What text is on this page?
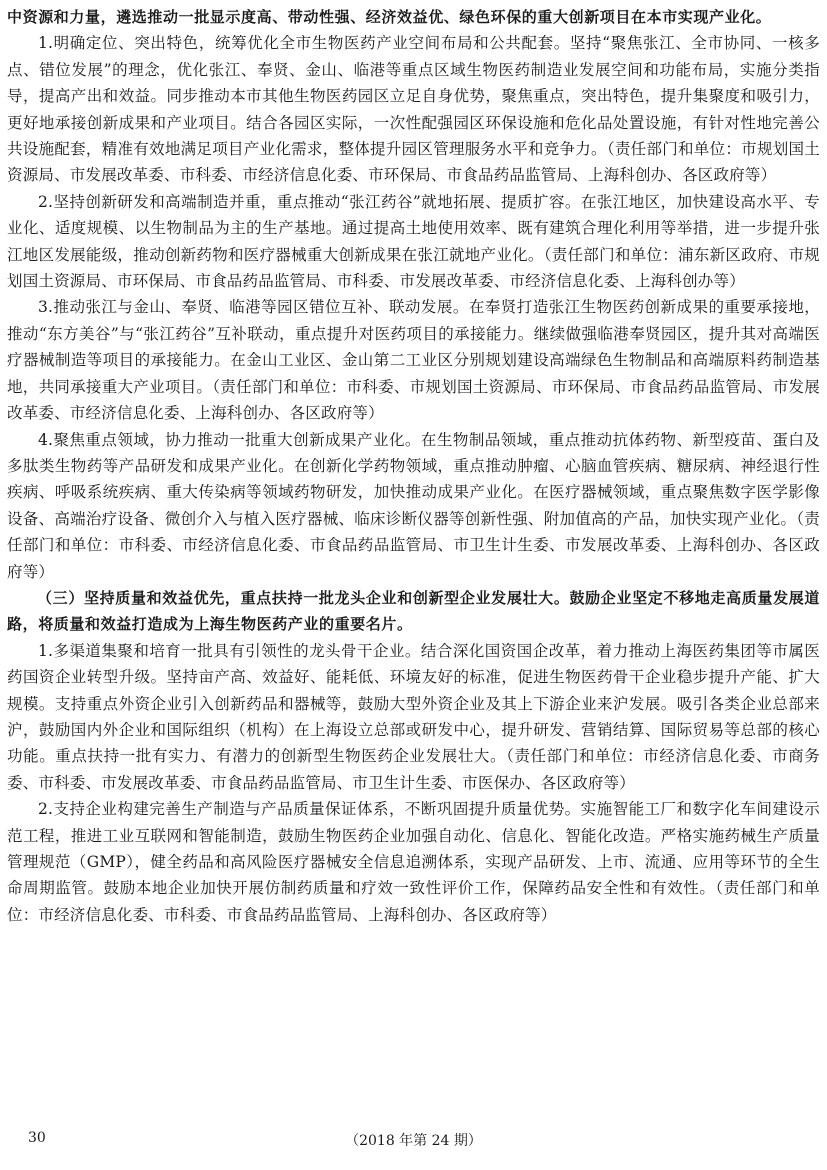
中资源和力量，遴选推动一批显示度高、带动性强、经济效益优、绿色环保的重大创新项目在本市实现产业化。

1.明确定位、突出特色，统筹优化全市生物医药产业空间布局和公共配套。坚持“聚焦张江、全市协同、一核多点、错位发展”的理念，优化张江、奉贤、金山、临港等重点区域生物医药制造业发展空间和功能布局，实施分类指导，提高产出和效益。同步推动本市其他生物医药园区立足自身优势，聚焦重点，突出特色，提升集聚度和吸引力，更好地承接创新成果和产业项目。结合各园区实际，一次性配强园区环保设施和危化品处置设施，有针对性地完善公共设施配套，精准有效地满足项目产业化需求，整体提升园区管理服务水平和竞争力。（责任部门和单位：市规划国土资源局、市发展改革委、市科委、市经济信息化委、市环保局、市食品药品监管局、上海科创办、各区政府等）

2.坚持创新研发和高端制造并重，重点推动“张江药谷”就地拓展、提质扩容。在张江地区，加快建设高水平、专业化、适度规模、以生物制品为主的生产基地。通过提高土地使用效率、既有建筑合理化利用等举措，进一步提升张江地区发展能级，推动创新药物和医疗器械重大创新成果在张江就地产业化。（责任部门和单位：浦东新区政府、市规划国土资源局、市环保局、市食品药品监管局、市科委、市发展改革委、市经济信息化委、上海科创办等）

3.推动张江与金山、奉贤、临港等园区错位互补、联动发展。在奉贤打造张江生物医药创新成果的重要承接地，推动“东方美谷”与“张江药谷”互补联动，重点提升对医药项目的承接能力。继续做强临港奉贤园区，提升其对高端医疗器械制造等项目的承接能力。在金山工业区、金山第二工业区分别规划建设高端绿色生物制品和高端原料药制造基地，共同承接重大产业项目。（责任部门和单位：市科委、市规划国土资源局、市环保局、市食品药品监管局、市发展改革委、市经济信息化委、上海科创办、各区政府等）

4.聚焦重点领域，协力推动一批重大创新成果产业化。在生物制品领域，重点推动抗体药物、新型疫苗、蛋白及多肽类生物药等产品研发和成果产业化。在创新化学药物领域，重点推动肿瘤、心脑血管疾病、糖尿病、神经退行性疾病、呼吸系统疾病、重大传染病等领域药物研发，加快推动成果产业化。在医疗器械领域，重点聚焦数字医学影像设备、高端治疗设备、微创介入与植入医疗器械、临床诊断仪器等创新性强、附加值高的产品，加快实现产业化。（责任部门和单位：市科委、市经济信息化委、市食品药品监管局、市卫生计生委、市发展改革委、上海科创办、各区政府等）

（三）坚持质量和效益优先，重点扶持一批龙头企业和创新型企业发展壮大。鼓励企业坚定不移地走高质量发展道路，将质量和效益打造成为上海生物医药产业的重要名片。

1.多渠道集聚和培育一批具有引领性的龙头骨干企业。结合深化国资国企改革，着力推动上海医药集团等市属医药国资企业转型升级。坚持亩产高、效益好、能耗低、环境友好的标准，促进生物医药骨干企业稳步提升产能、扩大规模。支持重点外资企业引入创新药品和器械等，鼓励大型外资企业及其上下游企业来沪发展。吸引各类企业总部来沪，鼓励国内外企业和国际组织（机构）在上海设立总部或研发中心，提升研发、营销结算、国际贸易等总部的核心功能。重点扶持一批有实力、有潜力的创新型生物医药企业发展壮大。（责任部门和单位：市经济信息化委、市商务委、市科委、市发展改革委、市食品药品监管局、市卫生计生委、市医保办、各区政府等）

2.支持企业构建完善生产制造与产品质量保证体系，不断巩固提升质量优势。实施智能工厂和数字化车间建设示范工程，推进工业互联网和智能制造，鼓励生物医药企业加强自动化、信息化、智能化改造。严格实施药械生产质量管理规范（GMP），健全药品和高风险医疗器械安全信息追溯体系，实现产品研发、上市、流通、应用等环节的全生命周期监管。鼓励本地企业加快开展仿制药质量和疗效一致性评价工作，保障药品安全性和有效性。（责任部门和单位：市经济信息化委、市科委、市食品药品监管局、上海科创办、各区政府等）

30	（2018 年第 24 期）
